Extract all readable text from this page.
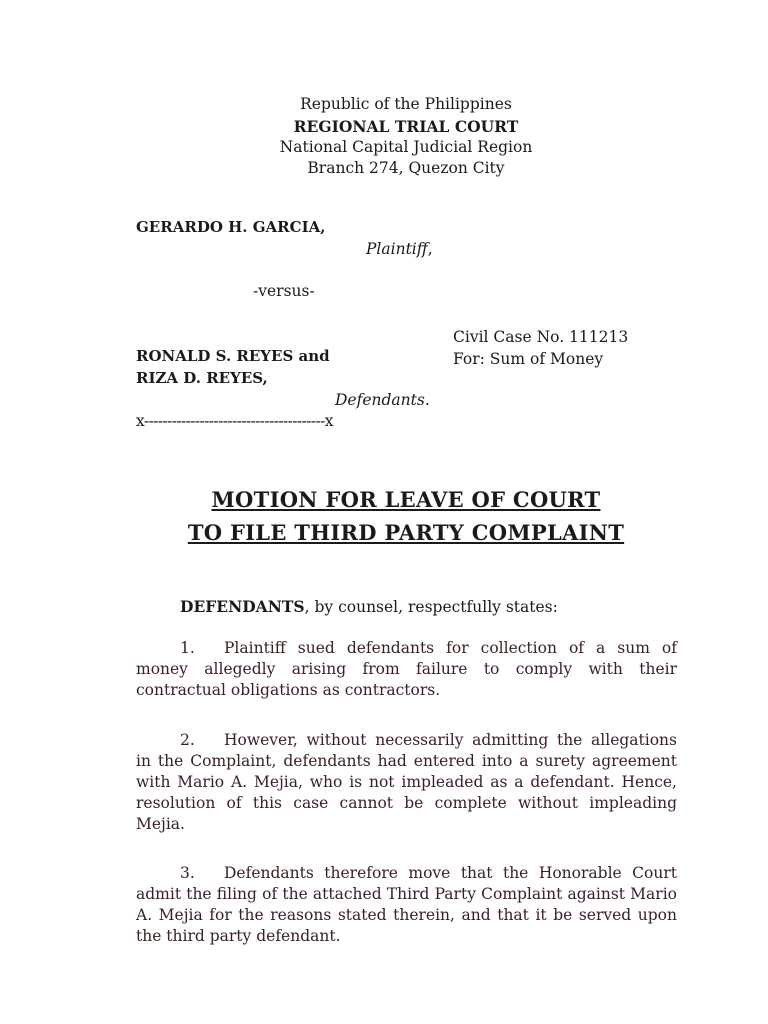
Republic of the Philippines
REGIONAL TRIAL COURT
National Capital Judicial Region
Branch 274, Quezon City
GERARDO H. GARCIA,
Plaintiff,
-versus-
Civil Case No. 111213
For: Sum of Money
RONALD S. REYES and
RIZA D. REYES,
Defendants.
x---------------------------------------x
MOTION FOR LEAVE OF COURT
TO FILE THIRD PARTY COMPLAINT
DEFENDANTS, by counsel, respectfully states:
1. Plaintiff sued defendants for collection of a sum of money allegedly arising from failure to comply with their contractual obligations as contractors.
2. However, without necessarily admitting the allegations in the Complaint, defendants had entered into a surety agreement with Mario A. Mejia, who is not impleaded as a defendant. Hence, resolution of this case cannot be complete without impleading Mejia.
3. Defendants therefore move that the Honorable Court admit the filing of the attached Third Party Complaint against Mario A. Mejia for the reasons stated therein, and that it be served upon the third party defendant.
